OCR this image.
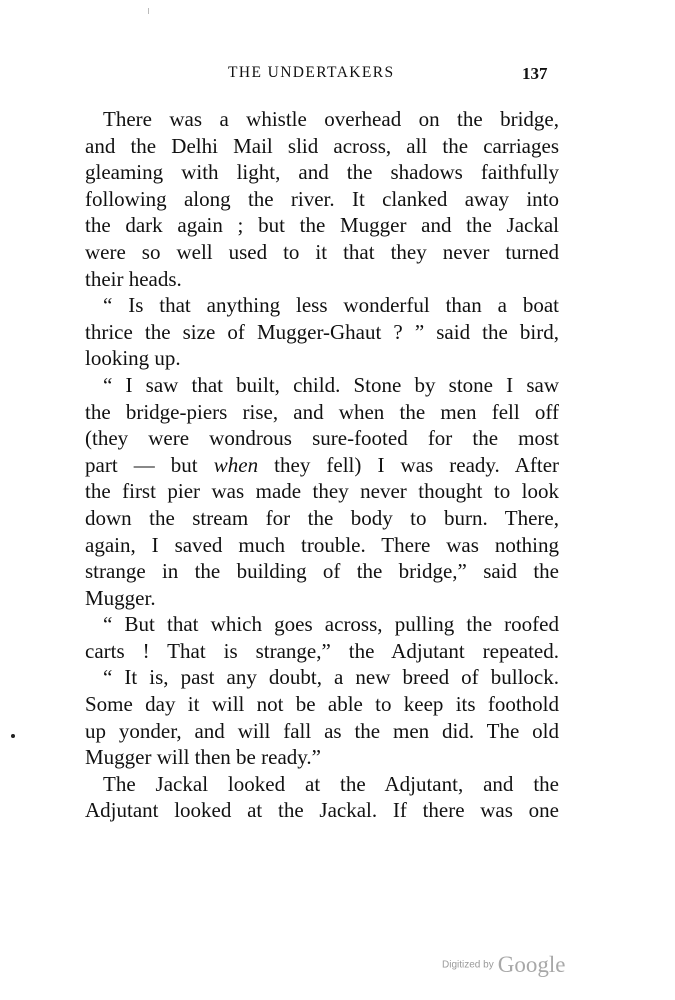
THE UNDERTAKERS	137
There was a whistle overhead on the bridge,
and the Delhi Mail slid across, all the carriages
gleaming with light, and the shadows faithfully
following along the river. It clanked away into
the dark again ; but the Mugger and the Jackal
were so well used to it that they never turned
their heads.
“ Is that anything less wonderful than a boat
thrice the size of Mugger-Ghaut ? ” said the bird,
looking up.
“ I saw that built, child. Stone by stone I saw
the bridge-piers rise, and when the men fell off
(they were wondrous sure-footed for the most
part — but when they fell) I was ready. After
the first pier was made they never thought to look
down the stream for the body to burn. There,
again, I saved much trouble. There was nothing
strange in the building of the bridge,” said the
Mugger.
“ But that which goes across, pulling the roofed
carts ! That is strange,” the Adjutant repeated.
“ It is, past any doubt, a new breed of bullock.
Some day it will not be able to keep its foothold
up yonder, and will fall as the men did. The old
Mugger will then be ready.”
The Jackal looked at the Adjutant, and the
Adjutant looked at the Jackal. If there was one
Digitized by Google
